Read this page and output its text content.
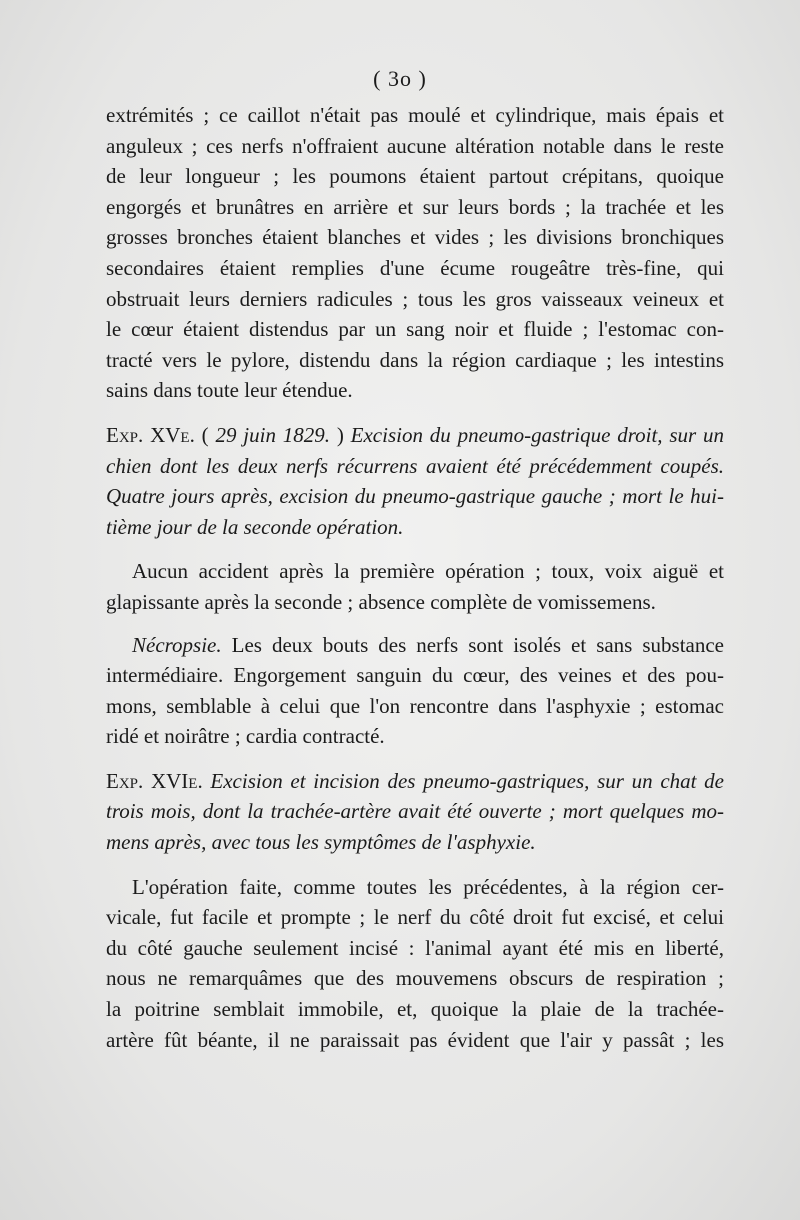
( 3o )
extrémités ; ce caillot n'était pas moulé et cylindrique, mais épais et
anguleux ; ces nerfs n'offraient aucune altération notable dans le reste
de leur longueur ; les poumons étaient partout crépitans, quoique
engorgés et brunâtres en arrière et sur leurs bords ; la trachée et les
grosses bronches étaient blanches et vides ; les divisions bronchiques
secondaires étaient remplies d'une écume rougeâtre très-fine, qui
obstruait leurs derniers radicules ; tous les gros vaisseaux veineux et
le cœur étaient distendus par un sang noir et fluide ; l'estomac con-
tracté vers le pylore, distendu dans la région cardiaque ; les intestins
sains dans toute leur étendue.
Exp. XVe. ( 29 juin 1829. ) Excision du pneumo-gastrique droit, sur un
chien dont les deux nerfs récurrens avaient été précédemment coupés.
Quatre jours après, excision du pneumo-gastrique gauche ; mort le hui-
tième jour de la seconde opération.
Aucun accident après la première opération ; toux, voix aiguë et
glapissante après la seconde ; absence complète de vomissemens.
Nécropsie. Les deux bouts des nerfs sont isolés et sans substance
intermédiaire. Engorgement sanguin du cœur, des veines et des pou-
mons, semblable à celui que l'on rencontre dans l'asphyxie ; estomac
ridé et noirâtre ; cardia contracté.
Exp. XVIe. Excision et incision des pneumo-gastriques, sur un chat de
trois mois, dont la trachée-artère avait été ouverte ; mort quelques mo-
mens après, avec tous les symptômes de l'asphyxie.
L'opération faite, comme toutes les précédentes, à la région cer-
vicale, fut facile et prompte ; le nerf du côté droit fut excisé, et celui
du côté gauche seulement incisé : l'animal ayant été mis en liberté,
nous ne remarquâmes que des mouvemens obscurs de respiration ;
la poitrine semblait immobile, et, quoique la plaie de la trachée-
artère fût béante, il ne paraissait pas évident que l'air y passât ; les
